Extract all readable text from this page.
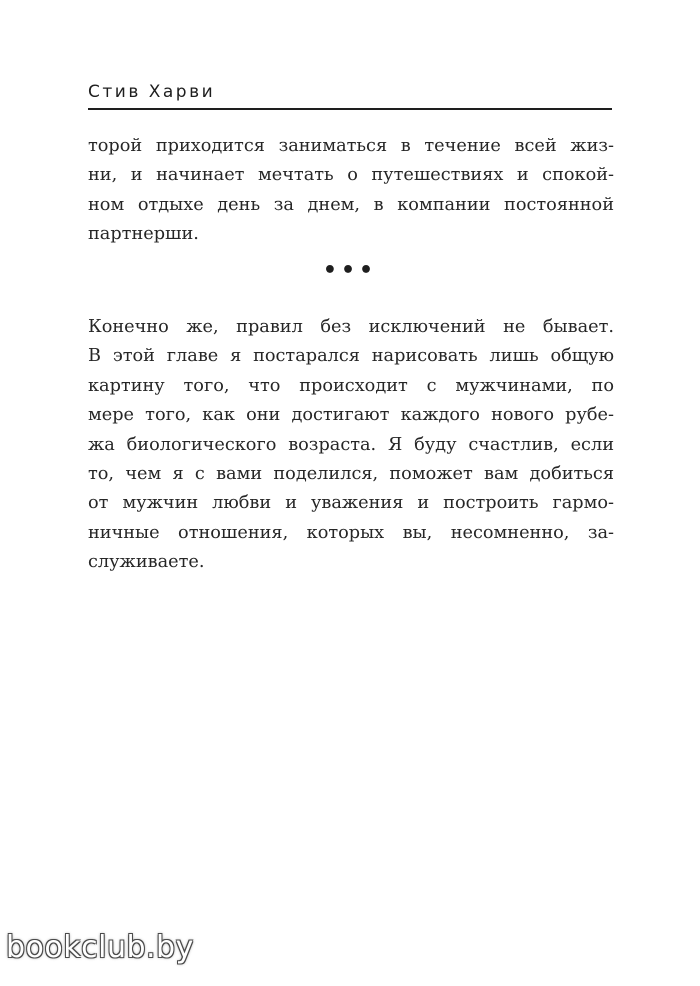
Стив Харви
торой приходится заниматься в течение всей жиз-
ни, и начинает мечтать о путешествиях и спокой-
ном отдыхе день за днем, в компании постоянной
партнерши.
•••
Конечно же, правил без исключений не бывает.
В этой главе я постарался нарисовать лишь общую
картину того, что происходит с мужчинами, по
мере того, как они достигают каждого нового рубе-
жа биологического возраста. Я буду счастлив, если
то, чем я с вами поделился, поможет вам добиться
от мужчин любви и уважения и построить гармо-
ничные отношения, которых вы, несомненно, за-
служиваете.
bookclub.by
